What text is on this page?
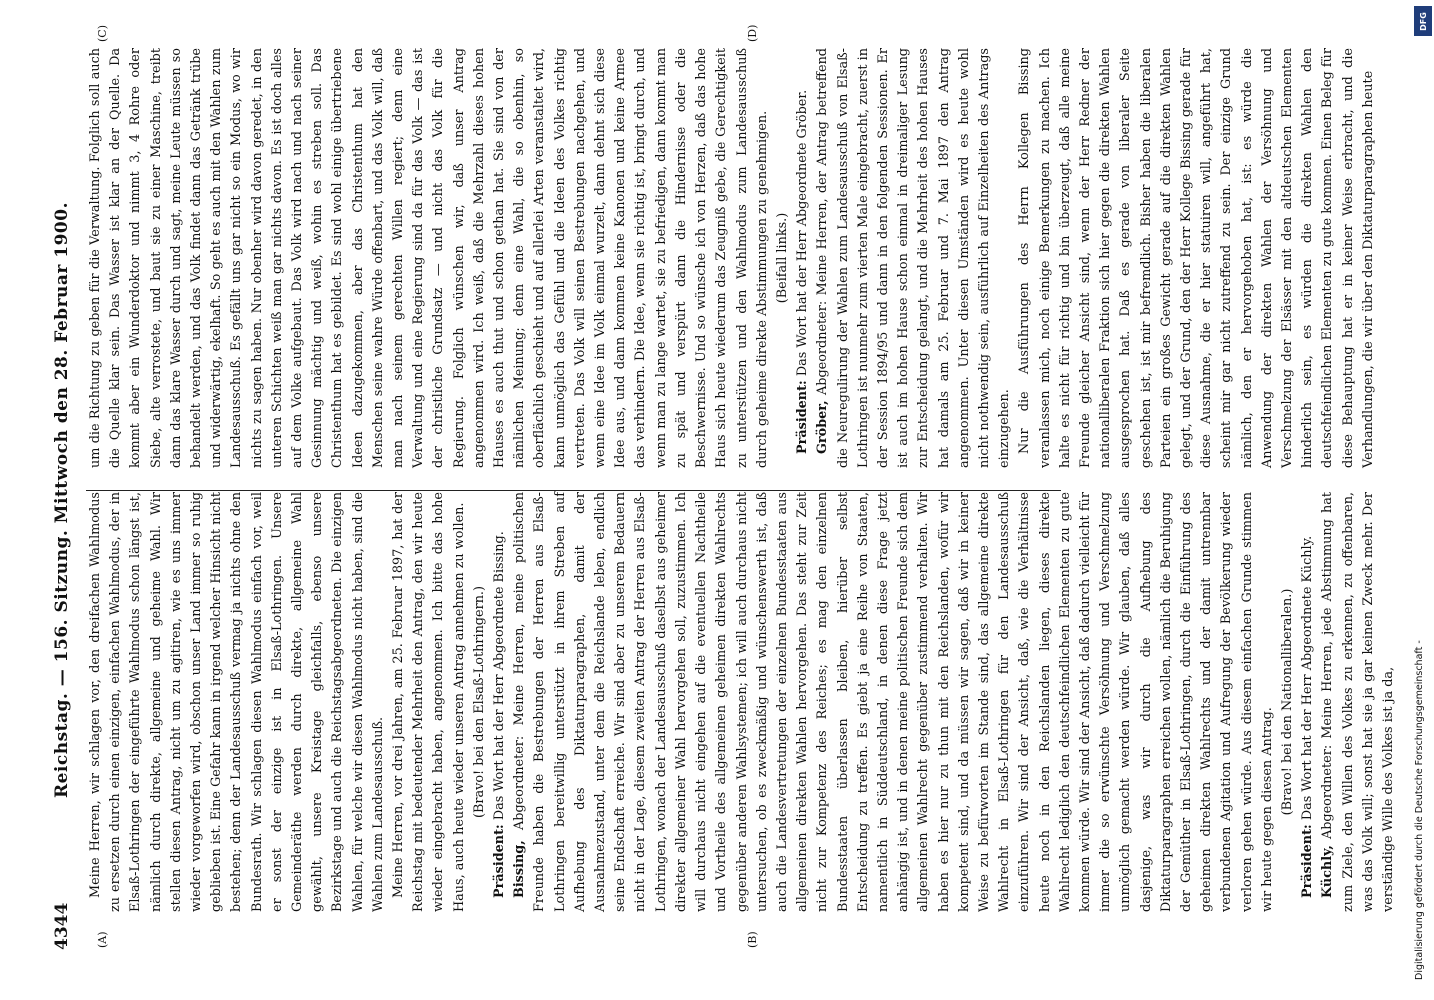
4344
Reichstag. — 156. Sitzung. Mittwoch den 28. Februar 1900.
(A)	(B)
(C)	(D)

Meine Herren, wir schlagen vor, den dreifachen Wahlmodus zu ersetzen durch einen einzigen, einfachen Wahlmodus, der in Elsaß-Lothringen der eingeführte Wahlmodus schon längst ist, nämlich durch direkte, allgemeine und geheime Wahl. Wir stellen diesen Antrag, nicht um zu agitiren, wie es uns immer wieder vorgeworfen wird, obschon unser Land immer so ruhig geblieben ist. Eine Gefahr kann in irgend welcher Hinsicht nicht bestehen; denn der Landesausschuß vermag ja nichts ohne den Bundesrath. Wir schlagen diesen Wahlmodus einfach vor, weil er sonst der einzige ist in Elsaß-Lothringen. Unsere Gemeinderäthe werden durch direkte, allgemeine Wahl gewählt, unsere Kreistage gleichfalls, ebenso unsere Bezirkstage und auch die Reichstagsabgeordneten. Die einzigen Wahlen, für welche wir diesen Wahlmodus nicht haben, sind die Wahlen zum Landesausschuß. Meine Herren, vor drei Jahren, am 25. Februar 1897, hat der Reichstag mit bedeutender Mehrheit den Antrag, den wir heute wieder eingebracht haben, angenommen. Ich bitte das hohe Haus, auch heute wieder unseren Antrag annehmen zu wollen. (Bravo! bei den Elsaß-Lothringern.)

Präsident: Das Wort hat der Herr Abgeordnete Bissing.

Bissing, Abgeordneter: Meine Herren, meine politischen Freunde haben die Bestrebungen der Herren aus Elsaß-Lothringen bereitwillig unterstützt in ihrem Streben auf Aufhebung des Diktaturparagraphen, damit der Ausnahmezustand, unter dem die Reichslande leben, endlich seine Endschaft erreiche. Wir sind aber zu unserem Bedauern nicht in der Lage, diesem zweiten Antrag der Herren aus Elsaß-Lothringen, wonach der Landesausschuß daselbst aus geheimer direkter allgemeiner Wahl hervorgehen soll, zuzustimmen. Ich will durchaus nicht eingehen auf die eventuellen Nachtheile und Vortheile des allgemeinen geheimen direkten Wahlrechts gegenüber anderen Wahlsystemen; ich will auch durchaus nicht untersuchen, ob es zweckmäßig und wünschenswerth ist, daß auch die Landesvertretungen der einzelnen Bundesstaaten aus allgemeinen direkten Wahlen hervorgehen. Das steht zur Zeit nicht zur Kompetenz des Reiches; es mag den einzelnen Bundesstaaten überlassen bleiben, hierüber selbst Entscheidung zu treffen. Es giebt ja eine Reihe von Staaten, namentlich in Süddeutschland, in denen diese Frage jetzt anhängig ist, und in denen meine politischen Freunde sich dem allgemeinen Wahlrecht gegenüber zustimmend verhalten. Wir haben es hier nur zu thun mit den Reichslanden, wofür wir kompetent sind, und da müssen wir sagen, daß wir in keiner Weise zu befürworten im Stande sind, das allgemeine direkte Wahlrecht in Elsaß-Lothringen für den Landesausschuß einzuführen. Wir sind der Ansicht, daß, wie die Verhältnisse heute noch in den Reichslanden liegen, dieses direkte Wahlrecht lediglich den deutschfeindlichen Elementen zu gute kommen würde. Wir sind der Ansicht, daß dadurch vielleicht für immer die so erwünschte Versöhnung und Verschmelzung unmöglich gemacht werden würde. Wir glauben, daß alles dasjenige, was wir durch die Aufhebung des Diktaturparagraphen erreichen wollen, nämlich die Beruhigung der Gemüther in Elsaß-Lothringen, durch die Einführung des geheimen direkten Wahlrechts und der damit untrennbar verbundenen Agitation und Aufregung der Bevölkerung wieder verloren gehen würde. Aus diesem einfachen Grunde stimmen wir heute gegen diesen Antrag. (Bravo! bei den Nationalliberalen.)

Präsident: Das Wort hat der Herr Abgeordnete Küchly.

Küchly, Abgeordneter: Meine Herren, jede Abstimmung hat zum Ziele, den Willen des Volkes zu erkennen, zu offenbaren, was das Volk will; sonst hat sie ja gar keinen Zweck mehr. Der verständige Wille des Volkes ist ja da,

um die Richtung zu geben für die Verwaltung. Folglich soll auch die Quelle klar sein. Das Wasser ist klar an der Quelle. Da kommt aber ein Wunderdoktor und nimmt 3, 4 Rohre oder Siebe, alte verrostete, und baut sie zu einer Maschine, treibt dann das klare Wasser durch und sagt, meine Leute müssen so behandelt werden, und das Volk findet dann das Getränk trübe und widerwärtig, ekelhaft. So geht es auch mit den Wahlen zum Landesausschuß. Es gefällt uns gar nicht so ein Modus, wo wir nichts zu sagen haben. Nur obenher wird davon geredet, in den unteren Schichten weiß man gar nichts davon. Es ist doch alles auf dem Volke aufgebaut. Das Volk wird nach und nach seiner Gesinnung mächtig und weiß, wohin es streben soll. Das Christenthum hat es gebildet. Es sind wohl einige übertriebene Ideen dazugekommen, aber das Christenthum hat den Menschen seine wahre Würde offenbart, und das Volk will, daß man nach seinem gerechten Willen regiert; denn eine Verwaltung und eine Regierung sind da für das Volk — das ist der christliche Grundsatz — und nicht das Volk für die Regierung. Folglich wünschen wir, daß unser Antrag angenommen wird. Ich weiß, daß die Mehrzahl dieses hohen Hauses es auch thut und schon gethan hat. Sie sind von der nämlichen Meinung; denn eine Wahl, die so obenhin, so oberflächlich geschieht und auf allerlei Arten veranstaltet wird, kann unmöglich das Gefühl und die Ideen des Volkes richtig vertreten. Das Volk will seinen Bestrebungen nachgehen, und wenn eine Idee im Volk einmal wurzelt, dann dehnt sich diese Idee aus, und dann kommen keine Kanonen und keine Armee das verhindern. Die Idee, wenn sie richtig ist, bringt durch, und wenn man zu lange wartet, sie zu befriedigen, dann kommt man zu spät und verspürt dann die Hindernisse oder die Beschwernisse. Und so wünsche ich von Herzen, daß das hohe Haus sich heute wiederum das Zeugniß gebe, die Gerechtigkeit zu unterstützen und den Wahlmodus zum Landesausschuß durch geheime direkte Abstimmungen zu genehmigen. (Beifall links.)

Präsident: Das Wort hat der Herr Abgeordnete Gröber.

Gröber, Abgeordneter: Meine Herren, der Antrag betreffend die Neuregulirung der Wahlen zum Landesausschuß von Elsaß-Lothringen ist nunmehr zum vierten Male eingebracht, zuerst in der Session 1894/95 und dann in den folgenden Sessionen. Er ist auch im hohen Hause schon einmal in dreimaliger Lesung zur Entscheidung gelangt, und die Mehrheit des hohen Hauses hat damals am 25. Februar und 7. Mai 1897 den Antrag angenommen. Unter diesen Umständen wird es heute wohl nicht nothwendig sein, ausführlich auf Einzelheiten des Antrags einzugehen. Nur die Ausführungen des Herrn Kollegen Bissing veranlassen mich, noch einige Bemerkungen zu machen. Ich halte es nicht für richtig und bin überzeugt, daß alle meine Freunde gleicher Ansicht sind, wenn der Herr Redner der nationalliberalen Fraktion sich hier gegen die direkten Wahlen ausgesprochen hat. Daß es gerade von liberaler Seite geschehen ist, ist mir befremdlich. Bisher haben die liberalen Parteien ein großes Gewicht gerade auf die direkten Wahlen gelegt, und der Grund, den der Herr Kollege Bissing gerade für diese Ausnahme, die er hier statuiren will, angeführt hat, scheint mir gar nicht zutreffend zu sein. Der einzige Grund nämlich, den er hervorgehoben hat, ist: es würde die Anwendung der direkten Wahlen der Versöhnung und Verschmelzung der Elsässer mit den altdeutschen Elementen hinderlich sein, es würden die direkten Wahlen den deutschfeindlichen Elementen zu gute kommen. Einen Beleg für diese Behauptung hat er in keiner Weise erbracht, und die Verhandlungen, die wir über den Diktaturparagraphen heute

Digitalisierung gefördert durch die Deutsche Forschungsgemeinschaft -
DFG
